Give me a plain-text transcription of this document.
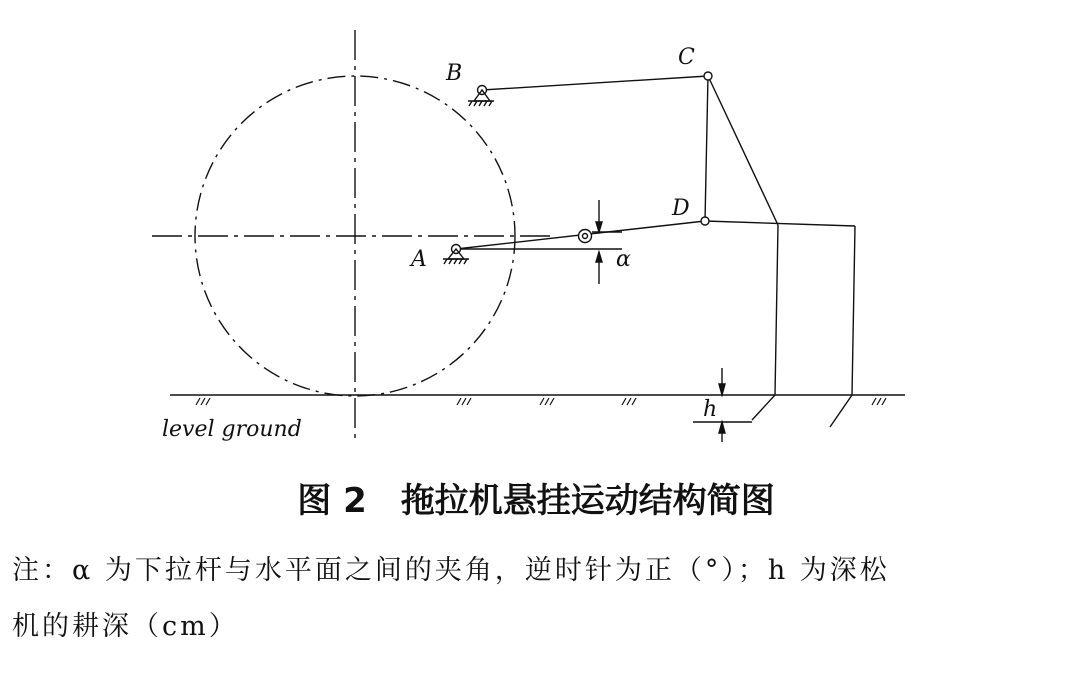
B
C
D
A	α
h
level ground
图 2　拖拉机悬挂运动结构简图
注：α 为下拉杆与水平面之间的夹角，逆时针为正（°）；h 为深松
机的耕深（cm）
